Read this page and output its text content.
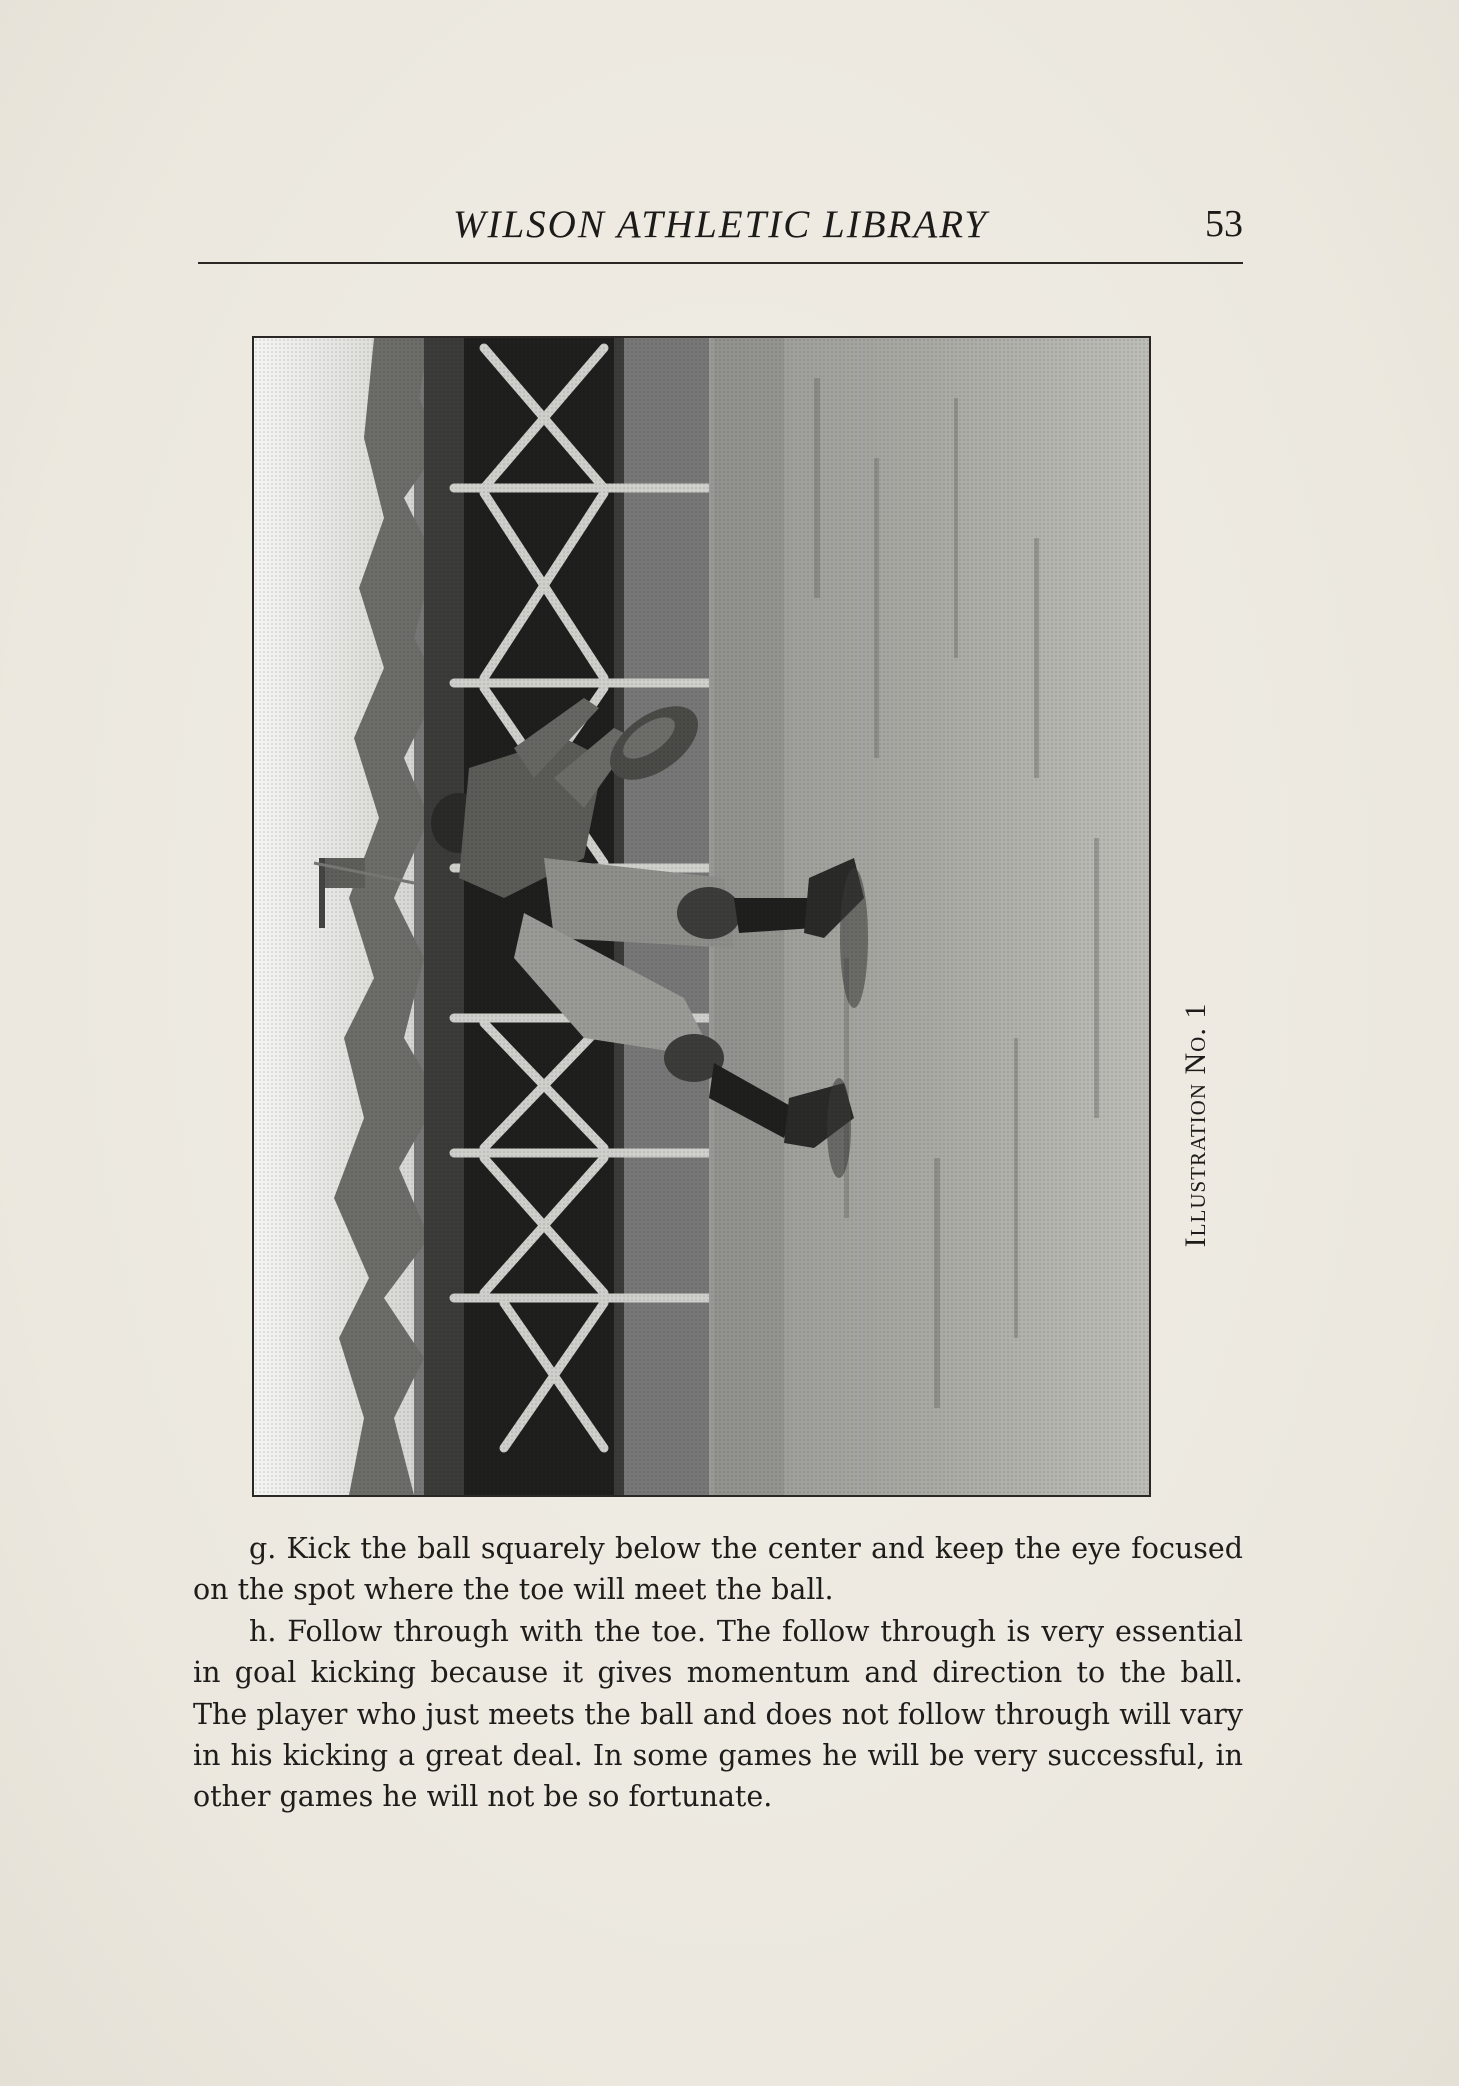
WILSON ATHLETIC LIBRARY	53
Illustration No. 1

g. Kick the ball squarely below the center and keep the eye focused on the spot where the toe will meet the ball.

h. Follow through with the toe. The follow through is very essential in goal kicking because it gives momentum and direction to the ball. The player who just meets the ball and does not follow through will vary in his kicking a great deal. In some games he will be very successful, in other games he will not be so fortunate.
